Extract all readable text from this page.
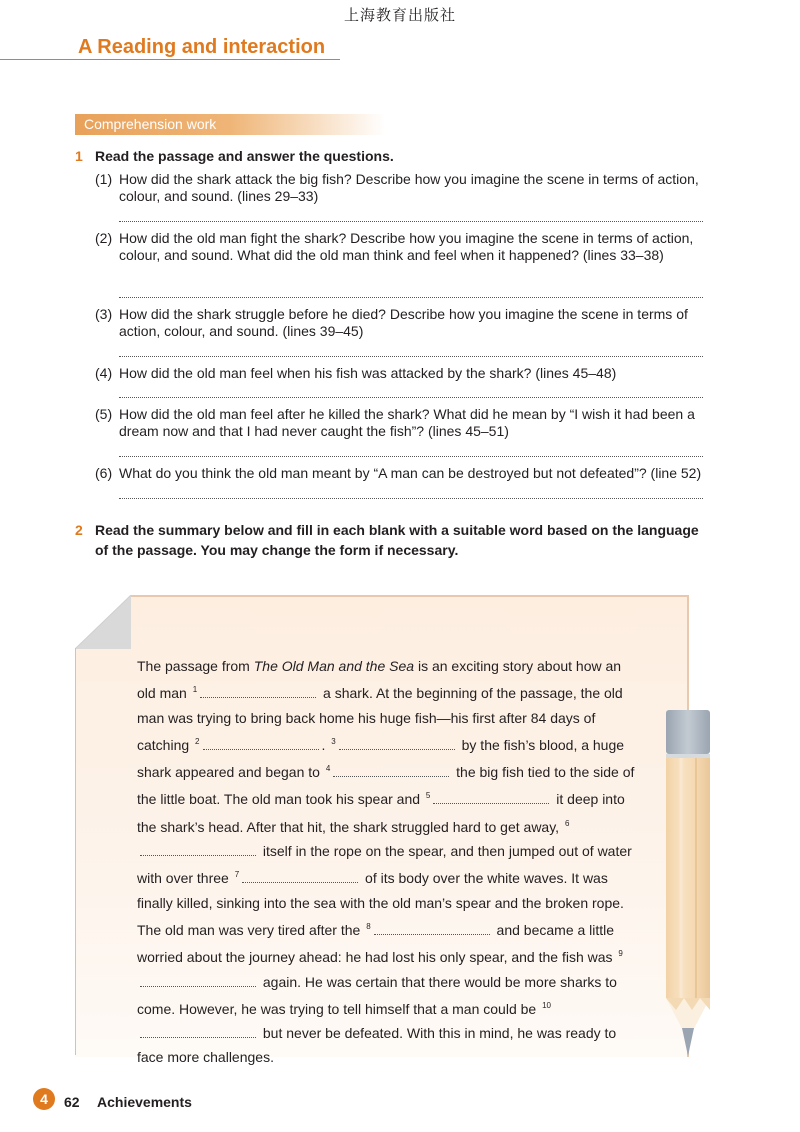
上海教育出版社
A Reading and interaction
Comprehension work
1 Read the passage and answer the questions.
(1) How did the shark attack the big fish? Describe how you imagine the scene in terms of action, colour, and sound. (lines 29–33)
(2) How did the old man fight the shark? Describe how you imagine the scene in terms of action, colour, and sound. What did the old man think and feel when it happened? (lines 33–38)
(3) How did the shark struggle before he died? Describe how you imagine the scene in terms of action, colour, and sound. (lines 39–45)
(4) How did the old man feel when his fish was attacked by the shark? (lines 45–48)
(5) How did the old man feel after he killed the shark? What did he mean by “I wish it had been a dream now and that I had never caught the fish”? (lines 45–51)
(6) What do you think the old man meant by “A man can be destroyed but not defeated”? (line 52)
2 Read the summary below and fill in each blank with a suitable word based on the language of the passage. You may change the form if necessary.
The passage from The Old Man and the Sea is an exciting story about how an old man $^1$	a shark. At the beginning of the passage, the old man was trying to bring back home his huge fish—his first after 84 days of catching $^2$	. $^3$	by the fish’s blood, a huge shark appeared and began to $^4$	the big fish tied to the side of the little boat. The old man took his spear and $^5$	it deep into the shark’s head. After that hit, the shark struggled hard to get away, $^6$ itself in the rope on the spear, and then jumped out of water with over three $^7$	of its body over the white waves. It was finally killed, sinking into the sea with the old man’s spear and the broken rope. The old man was very tired after the $^8$	and became a little worried about the journey ahead: he had lost his only spear, and the fish was $^9$ again. He was certain that there would be more sharks to come. However, he was trying to tell himself that a man could be $^{10}$ but never be defeated. With this in mind, he was ready to face more challenges.
4	62 Achievements
